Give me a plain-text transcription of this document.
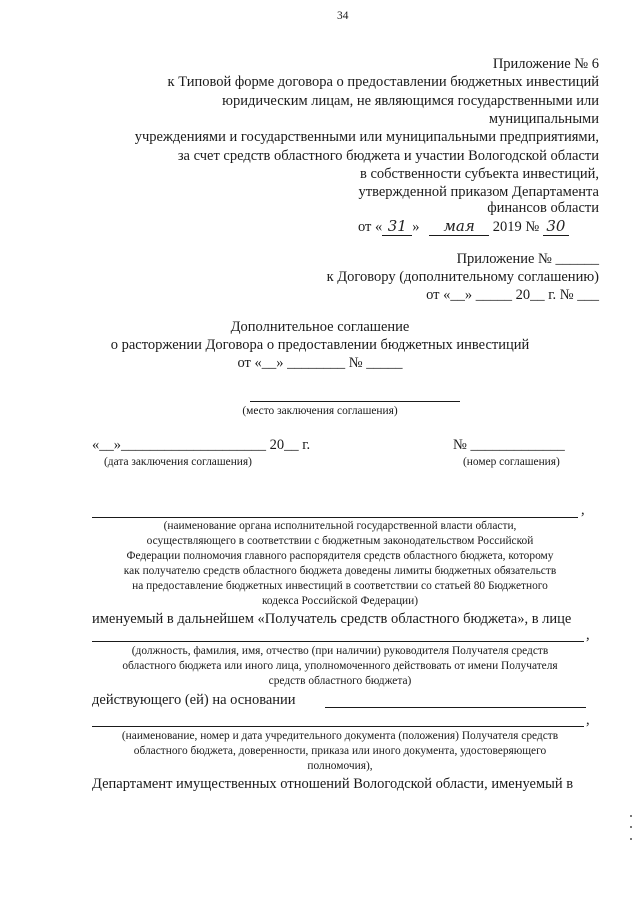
34
Приложение № 6
к Типовой форме договора о предоставлении бюджетных инвестиций
юридическим лицам, не являющимся государственными или
муниципальными
учреждениями и государственными или муниципальными предприятиями,
за счет средств областного бюджета и участии Вологодской области
в собственности субъекта инвестиций,
утвержденной приказом Департамента
финансов области
от « 31 » мая 2019 № 30
Приложение № ______
к Договору (дополнительному соглашению)
от «__» _____ 20__ г. № ___
Дополнительное соглашение
о расторжении Договора о предоставлении бюджетных инвестиций
от «__» ________ № _____
(место заключения соглашения)
«__»____________________ 20__ г.	№ _____________
(дата заключения соглашения)	(номер соглашения)
,
(наименование органа исполнительной государственной власти области,
осуществляющего в соответствии с бюджетным законодательством Российской
Федерации полномочия главного распорядителя средств областного бюджета, которому
как получателю средств областного бюджета доведены лимиты бюджетных обязательств
на предоставление бюджетных инвестиций в соответствии со статьей 80 Бюджетного
кодекса Российской Федерации)
именуемый в дальнейшем «Получатель средств областного бюджета», в лице
,
(должность, фамилия, имя, отчество (при наличии) руководителя Получателя средств
областного бюджета или иного лица, уполномоченного действовать от имени Получателя
средств областного бюджета)
действующего (ей) на основании
,
(наименование, номер и дата учредительного документа (положения) Получателя средств
областного бюджета, доверенности, приказа или иного документа, удостоверяющего
полномочия),
Департамент имущественных отношений Вологодской области, именуемый в
